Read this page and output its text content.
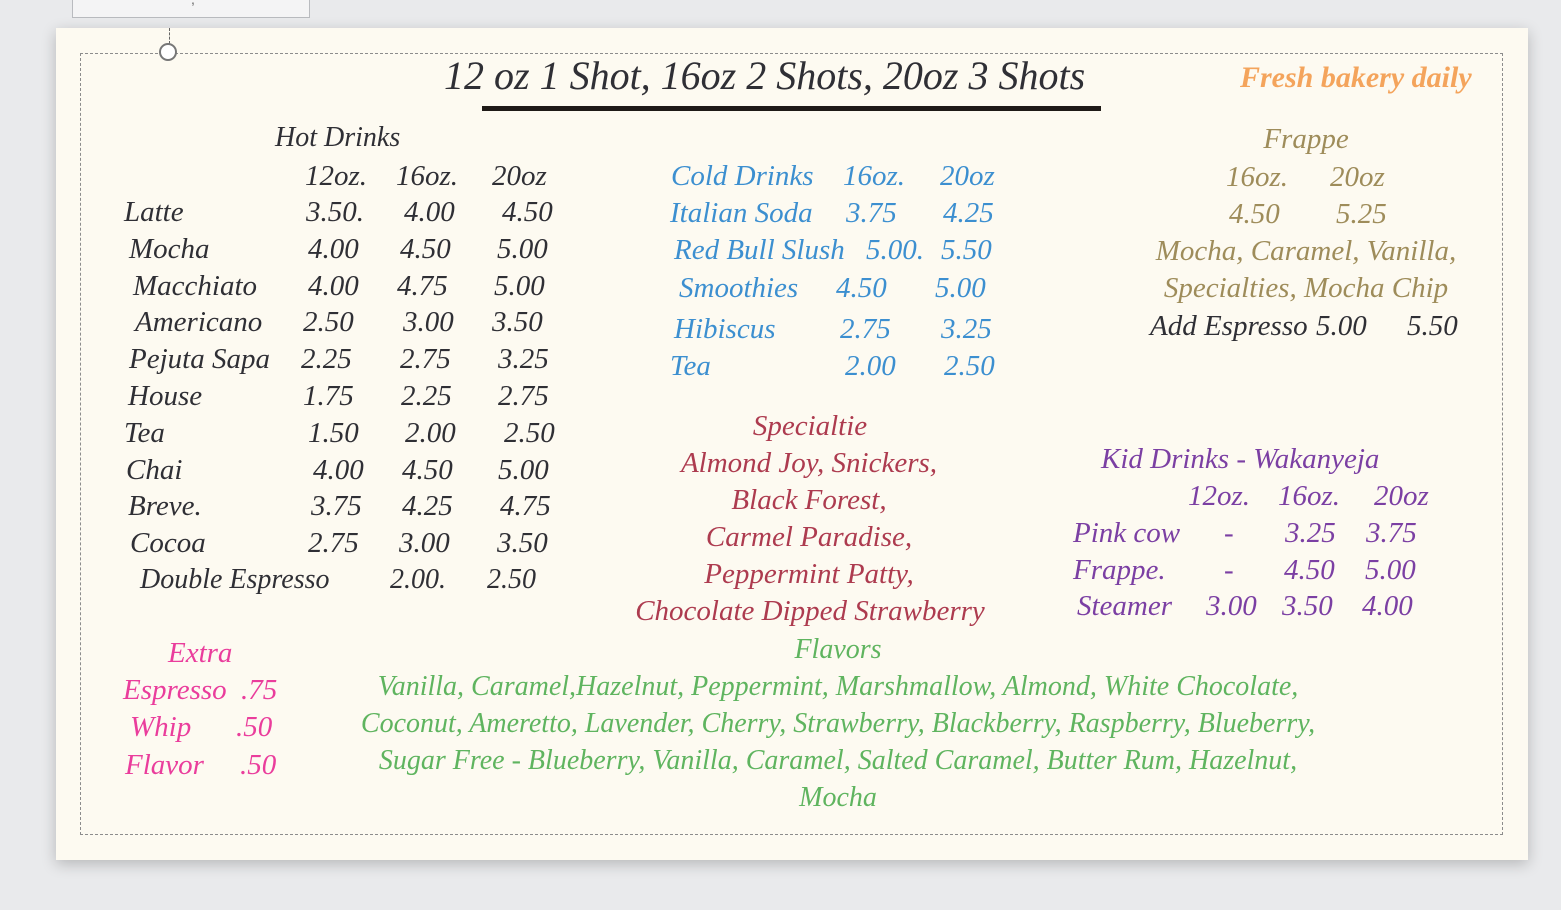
12 oz 1 Shot, 16oz 2 Shots, 20oz 3 Shots	Fresh bakery daily
Hot Drinks
12oz. 16oz. 20oz
Latte	3.50. 4.00 4.50
Mocha	4.00 4.50 5.00
Macchiato 4.00 4.75 5.00
Americano 2.50 3.00 3.50
Pejuta Sapa 2.25 2.75 3.25
House	1.75 2.25 2.75
Tea	1.50 2.00 2.50
Chai	4.00 4.50 5.00
Breve.	3.75 4.25 4.75
Cocoa	2.75 3.00 3.50
Double Espresso 2.00. 2.50
Cold Drinks 16oz. 20oz
Italian Soda 3.75 4.25
Red Bull Slush 5.00. 5.50
Smoothies 4.50 5.00
Hibiscus 2.75 3.25
Tea	2.00 2.50
Frappe
16oz. 20oz
4.50 5.25
Mocha, Caramel, Vanilla,
Specialties, Mocha Chip
Add Espresso 5.00 5.50
Specialtie
Almond Joy, Snickers,
Black Forest,
Carmel Paradise,
Peppermint Patty,
Chocolate Dipped Strawberry
Kid Drinks - Wakanyeja
12oz. 16oz. 20oz
Pink cow - 3.25 3.75
Frappe. - 4.50 5.00
Steamer 3.00 3.50 4.00
Extra
Espresso .75
Whip .50
Flavor .50
Flavors
Vanilla, Caramel,Hazelnut, Peppermint, Marshmallow, Almond, White Chocolate,
Coconut, Ameretto, Lavender, Cherry, Strawberry, Blackberry, Raspberry, Blueberry,
Sugar Free - Blueberry, Vanilla, Caramel, Salted Caramel, Butter Rum, Hazelnut,
Mocha
